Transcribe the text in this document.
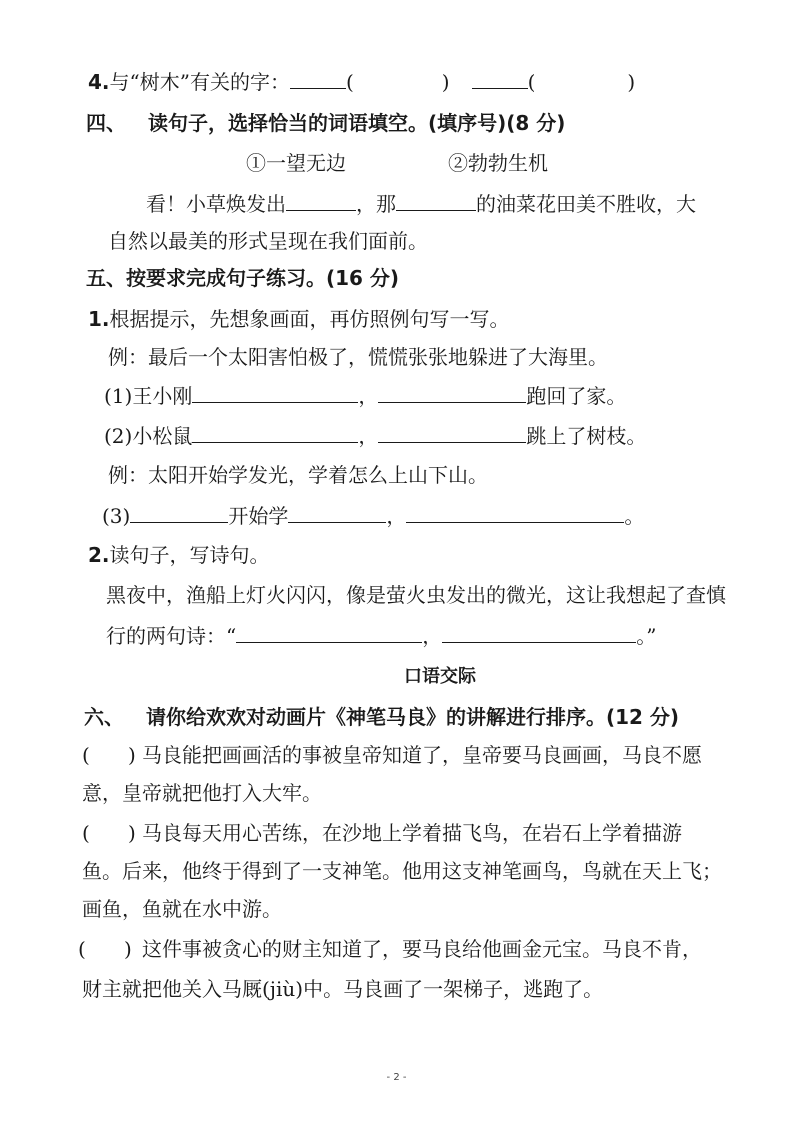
4.与“树木”有关的字：	(	)	(	)
四、 读句子，选择恰当的词语填空。(填序号)(8 分)
①一望无边	②勃勃生机
看！小草焕发出	，那	的油菜花田美不胜收，大
自然以最美的形式呈现在我们面前。
五、按要求完成句子练习。(16 分)
1.根据提示，先想象画面，再仿照例句写一写。
例：最后一个太阳害怕极了，慌慌张张地躲进了大海里。
(1)王小刚	，	跑回了家。
(2)小松鼠	，	跳上了树枝。
例：太阳开始学发光，学着怎么上山下山。
(3)	开始学	，	。
2.读句子，写诗句。
黑夜中，渔船上灯火闪闪，像是萤火虫发出的微光，这让我想起了查慎
行的两句诗：“	，	。”
口语交际
六、 请你给欢欢对动画片《神笔马良》的讲解进行排序。(12 分)
(      ) 马良能把画画活的事被皇帝知道了，皇帝要马良画画，马良不愿
意，皇帝就把他打入大牢。
(      ) 马良每天用心苦练，在沙地上学着描飞鸟，在岩石上学着描游
鱼。后来，他终于得到了一支神笔。他用这支神笔画鸟，鸟就在天上飞；
画鱼，鱼就在水中游。
(      ) 这件事被贪心的财主知道了，要马良给他画金元宝。马良不肯，
财主就把他关入马厩(jiù)中。马良画了一架梯子，逃跑了。
- 2 -
